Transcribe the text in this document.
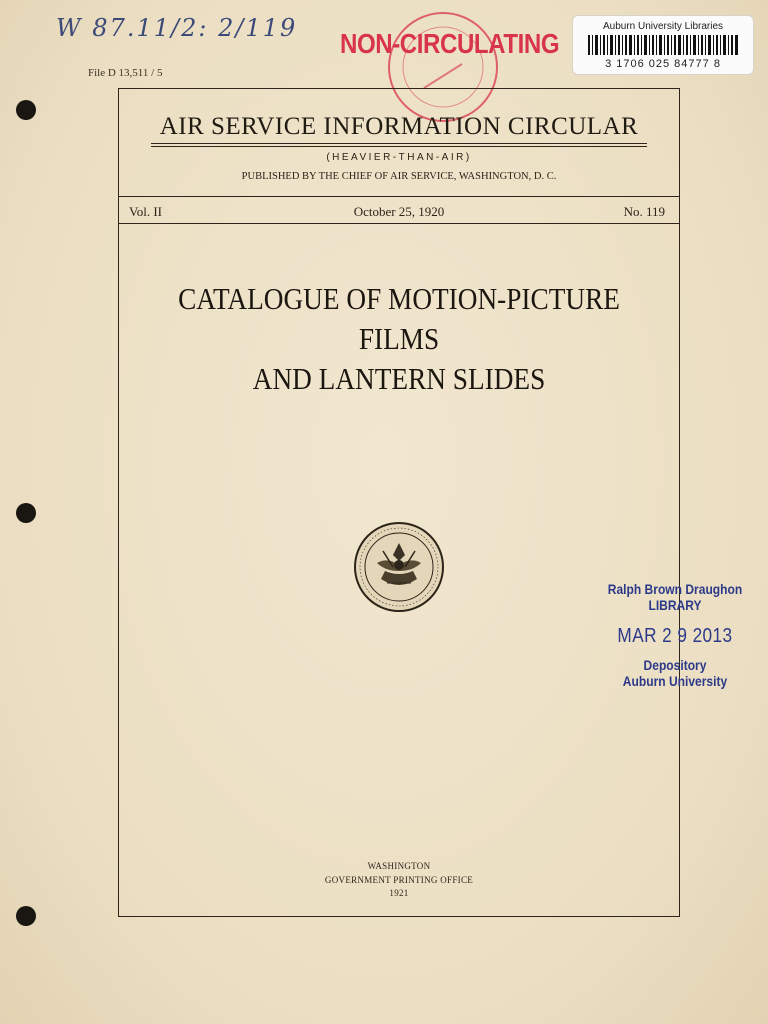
W 87.11/2: 2/119
File D 13,511 / 5
NON-CIRCULATING
Auburn University Libraries
3 1706 025 84777 8
AIR SERVICE INFORMATION CIRCULAR
(HEAVIER-THAN-AIR)
PUBLISHED BY THE CHIEF OF AIR SERVICE, WASHINGTON, D. C.
Vol. II	October 25, 1920	No. 119
CATALOGUE OF MOTION-PICTURE FILMS
AND LANTERN SLIDES
Ralph Brown Draughon
LIBRARY
MAR 2 9 2013
Depository
Auburn University
WASHINGTON
GOVERNMENT PRINTING OFFICE
1921
